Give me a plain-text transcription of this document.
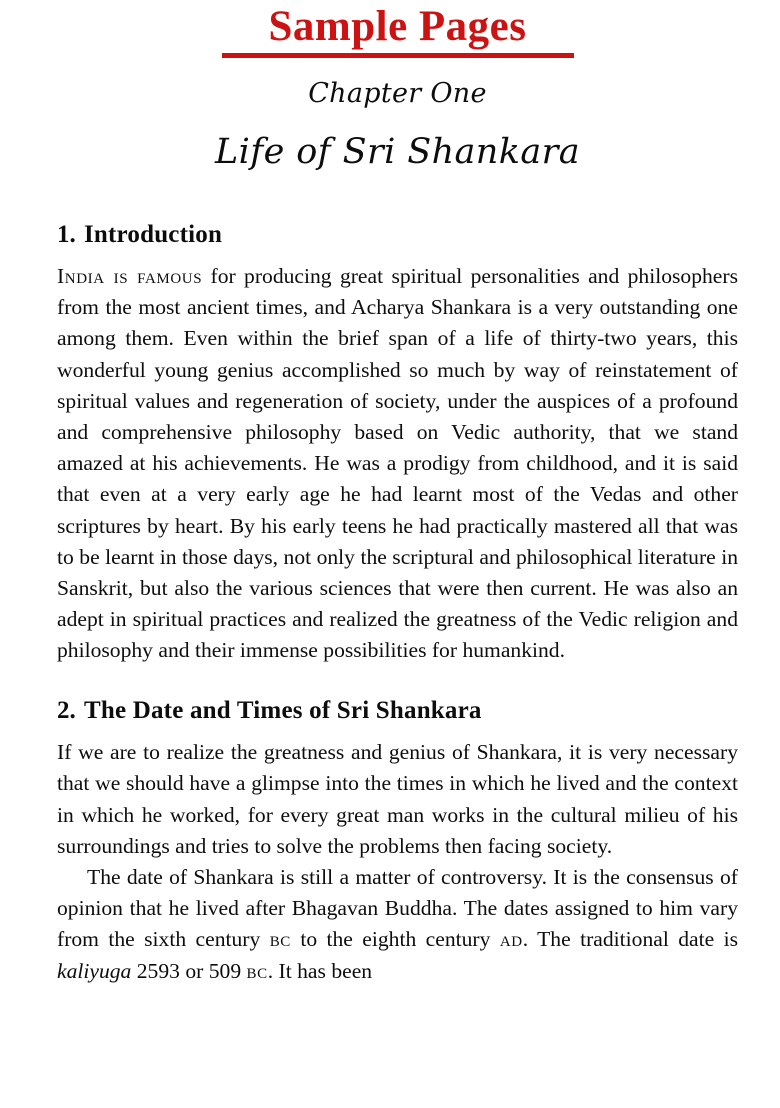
Sample Pages
Chapter One
Life of Sri Shankara
1. Introduction

India is famous for producing great spiritual personalities and philosophers from the most ancient times, and Acharya Shankara is a very outstanding one among them. Even within the brief span of a life of thirty-two years, this wonderful young genius accomplished so much by way of reinstatement of spiritual values and regeneration of society, under the auspices of a profound and comprehensive philosophy based on Vedic authority, that we stand amazed at his achievements. He was a prodigy from childhood, and it is said that even at a very early age he had learnt most of the Vedas and other scriptures by heart. By his early teens he had practically mastered all that was to be learnt in those days, not only the scriptural and philosophical literature in Sanskrit, but also the various sciences that were then current. He was also an adept in spiritual practices and realized the greatness of the Vedic religion and philosophy and their immense possibilities for humankind.

2. The Date and Times of Sri Shankara

If we are to realize the greatness and genius of Shankara, it is very necessary that we should have a glimpse into the times in which he lived and the context in which he worked, for every great man works in the cultural milieu of his surroundings and tries to solve the problems then facing society.

The date of Shankara is still a matter of controversy. It is the consensus of opinion that he lived after Bhagavan Buddha. The dates assigned to him vary from the sixth century bc to the eighth century ad. The traditional date is kaliyuga 2593 or 509 bc. It has been
